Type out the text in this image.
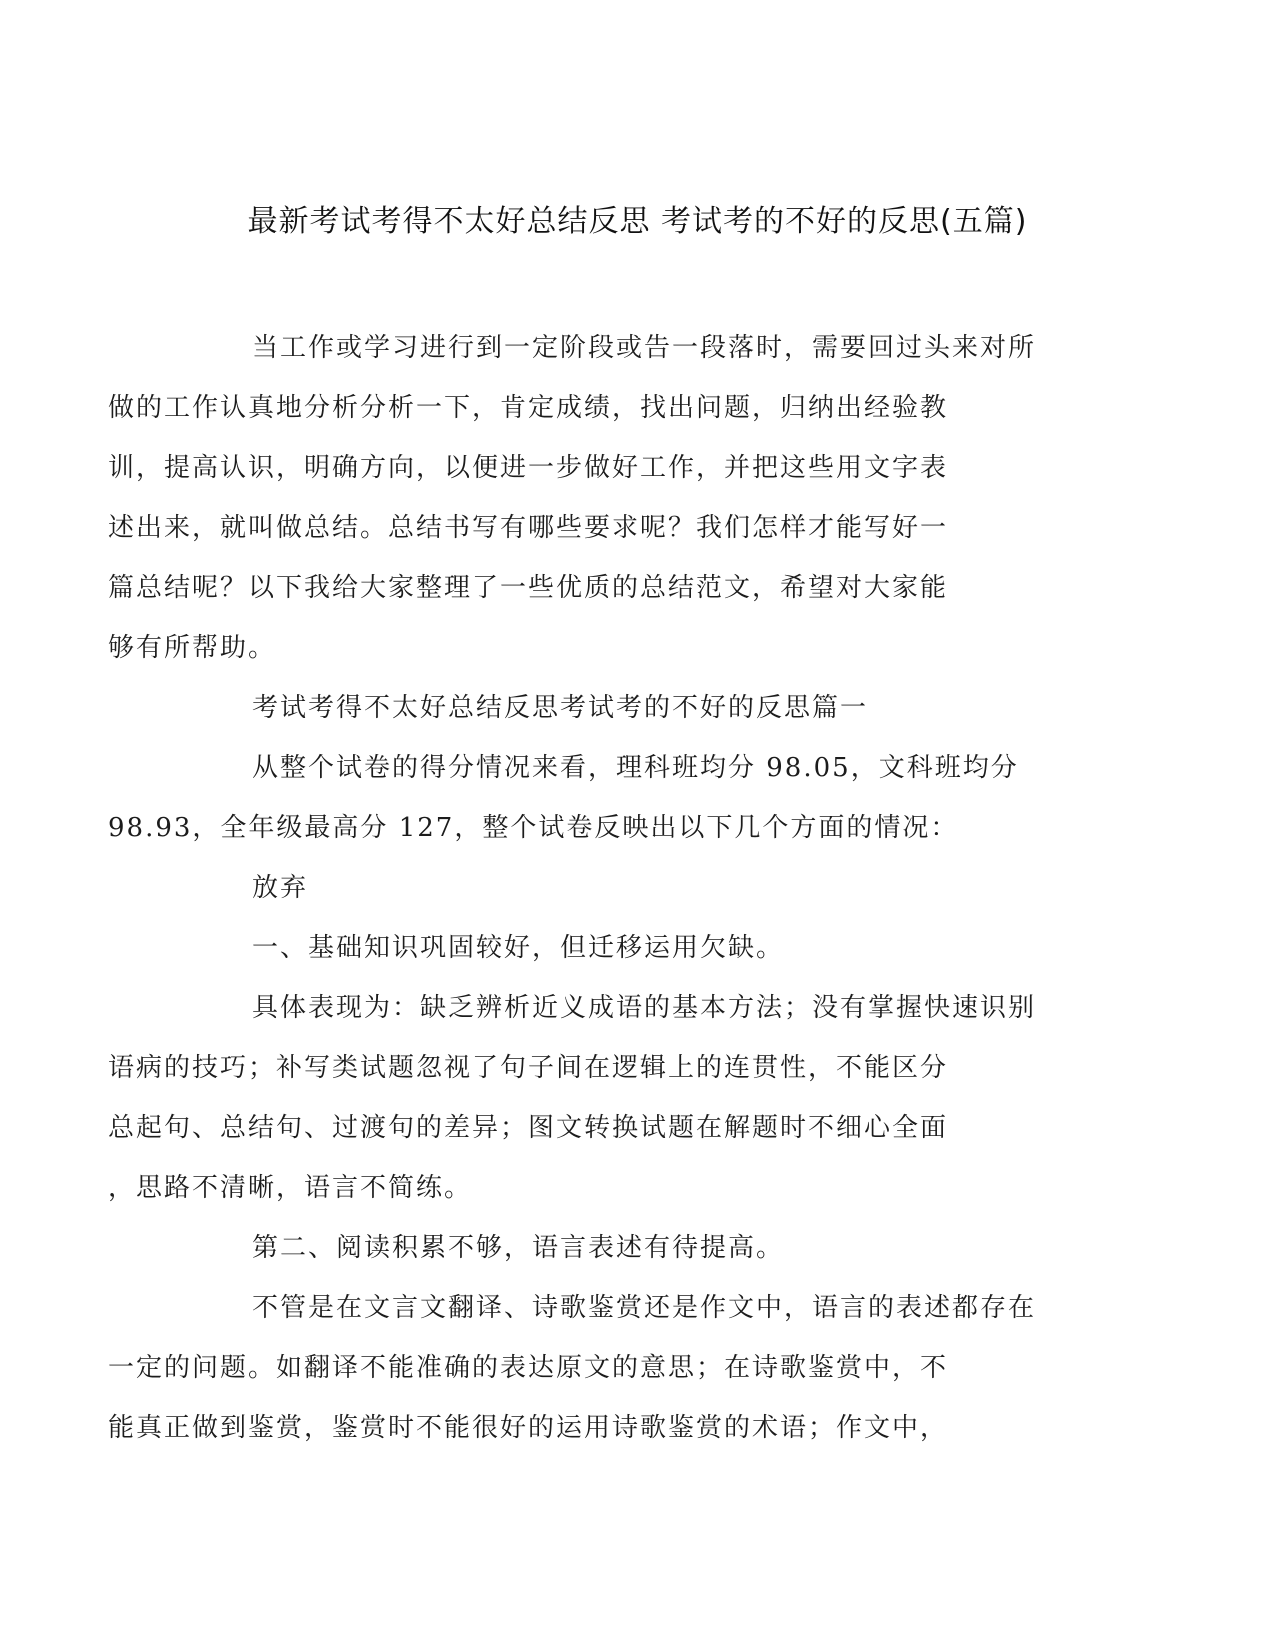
最新考试考得不太好总结反思 考试考的不好的反思(五篇)
当工作或学习进行到一定阶段或告一段落时，需要回过头来对所
做的工作认真地分析分析一下，肯定成绩，找出问题，归纳出经验教
训，提高认识，明确方向，以便进一步做好工作，并把这些用文字表
述出来，就叫做总结。总结书写有哪些要求呢？我们怎样才能写好一
篇总结呢？以下我给大家整理了一些优质的总结范文，希望对大家能
够有所帮助。
考试考得不太好总结反思考试考的不好的反思篇一
从整个试卷的得分情况来看，理科班均分 98.05，文科班均分
98.93，全年级最高分 127，整个试卷反映出以下几个方面的情况：
放弃
一、基础知识巩固较好，但迁移运用欠缺。
具体表现为：缺乏辨析近义成语的基本方法；没有掌握快速识别
语病的技巧；补写类试题忽视了句子间在逻辑上的连贯性，不能区分
总起句、总结句、过渡句的差异；图文转换试题在解题时不细心全面
，思路不清晰，语言不简练。
第二、阅读积累不够，语言表述有待提高。
不管是在文言文翻译、诗歌鉴赏还是作文中，语言的表述都存在
一定的问题。如翻译不能准确的表达原文的意思；在诗歌鉴赏中，不
能真正做到鉴赏，鉴赏时不能很好的运用诗歌鉴赏的术语；作文中，
